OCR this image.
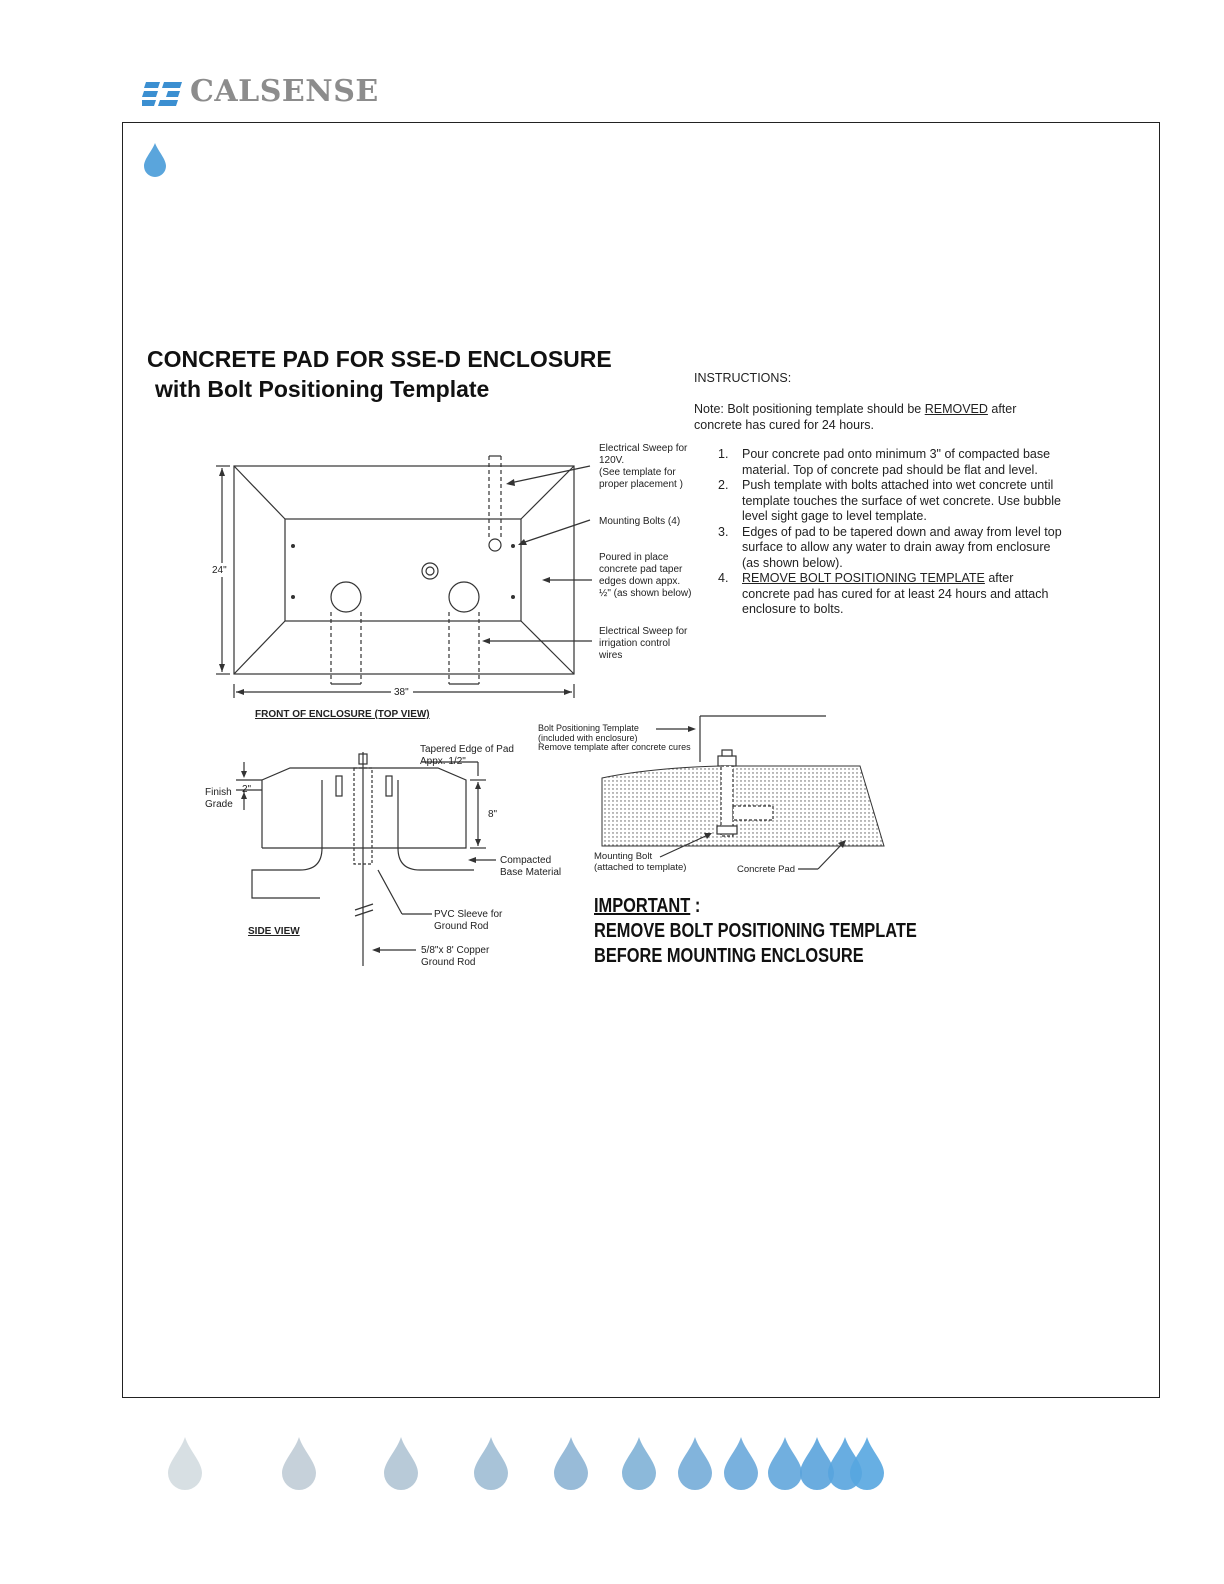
CALSENSE
CONCRETE PAD FOR SSE-D ENCLOSURE
with Bolt Positioning Template	INSTRUCTIONS:
Note: Bolt positioning template should be REMOVED after concrete has cured for 24 hours.
1. Pour concrete pad onto minimum 3" of compacted base material. Top of concrete pad should be flat and level.
2. Push template with bolts attached into wet concrete until template touches the surface of wet concrete. Use bubble level sight gage to level template.
3. Edges of pad to be tapered down and away from level top surface to allow any water to drain away from enclosure (as shown below).
4. REMOVE BOLT POSITIONING TEMPLATE after concrete pad has cured for at least 24 hours and attach enclosure to bolts.
24"
38"
Electrical Sweep for
120V.
(See template for
proper placement )
Mounting Bolts (4)
Poured in place
concrete pad taper
edges down appx.
½" (as shown below)
Electrical Sweep for
irrigation control
wires
FRONT OF ENCLOSURE (TOP VIEW)
Finish
Grade
2"
8"
Tapered Edge of Pad
Appx. 1/2"
Compacted
Base Material
PVC Sleeve for
Ground Rod
5/8"x 8' Copper
Ground Rod
SIDE VIEW
Bolt Positioning Template
(included with enclosure)
Remove template after concrete cures
Mounting Bolt
(attached to template)	Concrete Pad
IMPORTANT :
REMOVE BOLT POSITIONING TEMPLATE
BEFORE MOUNTING ENCLOSURE
